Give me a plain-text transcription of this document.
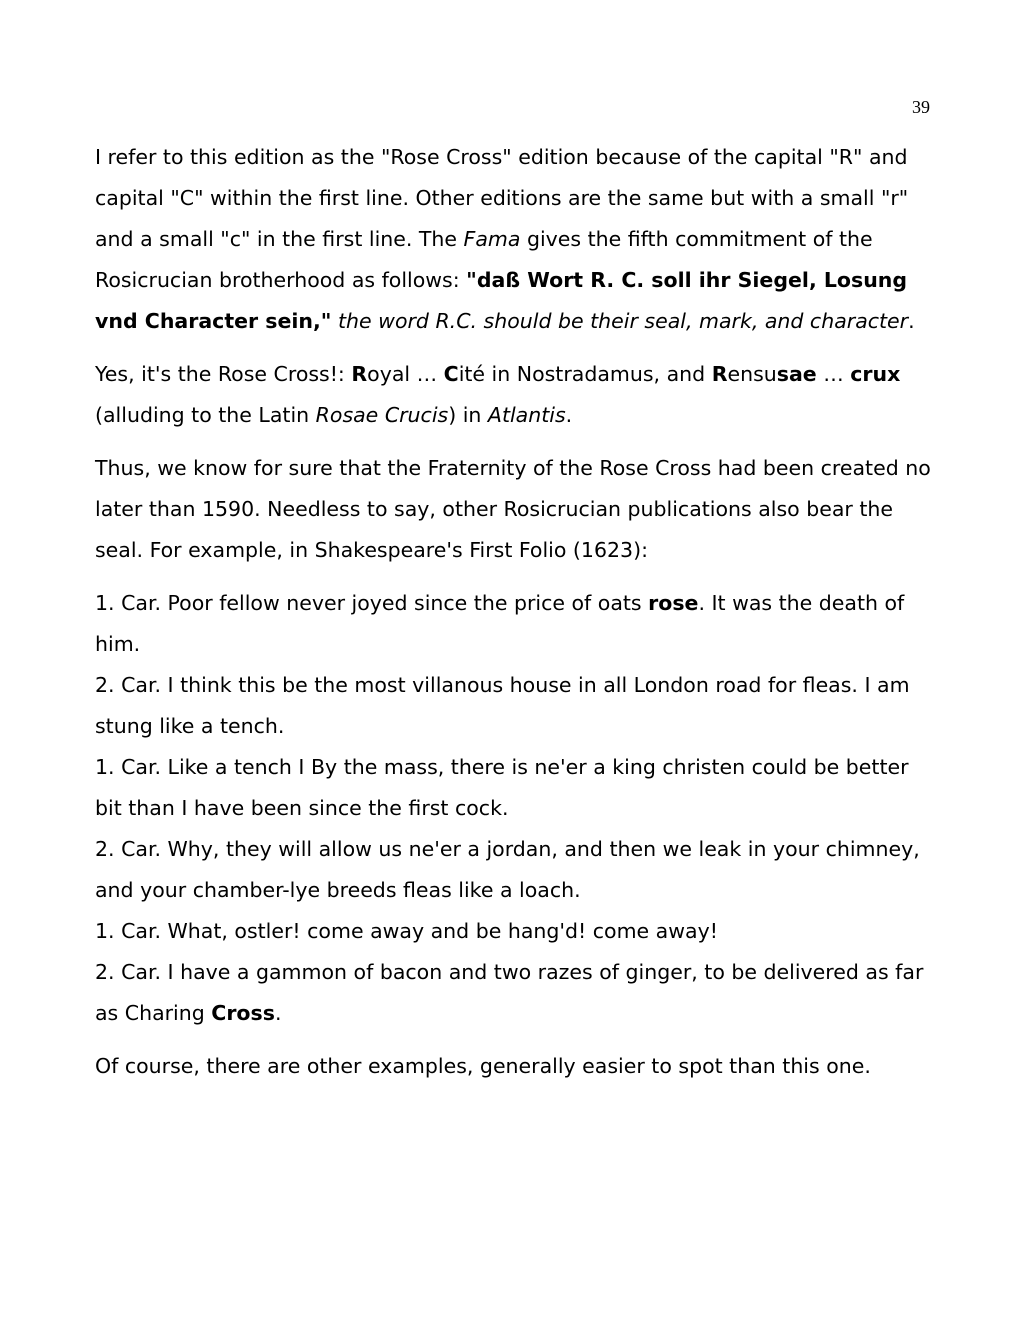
39

I refer to this edition as the "Rose Cross" edition because of the capital "R" and capital "C" within the first line. Other editions are the same but with a small "r" and a small "c" in the first line. The Fama gives the fifth commitment of the Rosicrucian brotherhood as follows: "daß Wort R. C. soll ihr Siegel, Losung vnd Character sein," the word R.C. should be their seal, mark, and character.

Yes, it's the Rose Cross!: Royal … Cité in Nostradamus, and Rensusae … crux (alluding to the Latin Rosae Crucis) in Atlantis.

Thus, we know for sure that the Fraternity of the Rose Cross had been created no later than 1590. Needless to say, other Rosicrucian publications also bear the seal. For example, in Shakespeare's First Folio (1623):

1. Car. Poor fellow never joyed since the price of oats rose. It was the death of him.
2. Car. I think this be the most villanous house in all London road for fleas. I am stung like a tench.
1. Car. Like a tench I By the mass, there is ne'er a king christen could be better bit than I have been since the first cock.
2. Car. Why, they will allow us ne'er a jordan, and then we leak in your chimney, and your chamber-lye breeds fleas like a loach.
1. Car. What, ostler! come away and be hang'd! come away!
2. Car. I have a gammon of bacon and two razes of ginger, to be delivered as far as Charing Cross.

Of course, there are other examples, generally easier to spot than this one.
